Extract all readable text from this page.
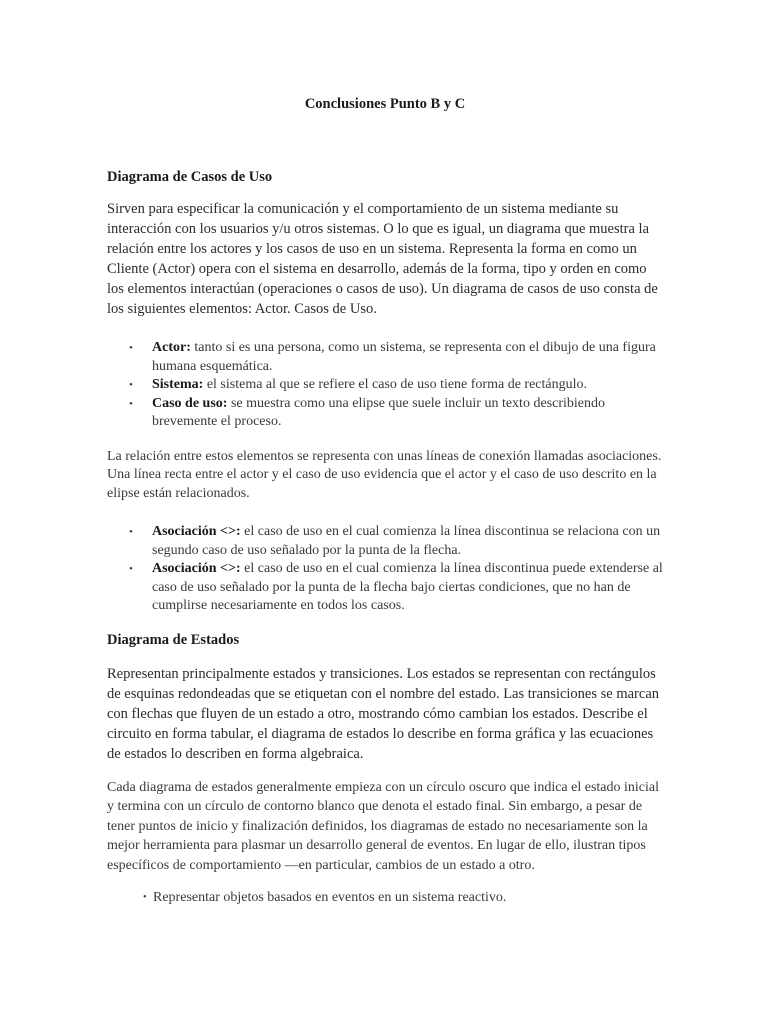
Conclusiones Punto B y C
Diagrama de Casos de Uso

Sirven para especificar la comunicación y el comportamiento de un sistema mediante su interacción con los usuarios y/u otros sistemas. O lo que es igual, un diagrama que muestra la relación entre los actores y los casos de uso en un sistema. Representa la forma en como un Cliente (Actor) opera con el sistema en desarrollo, además de la forma, tipo y orden en como los elementos interactúan (operaciones o casos de uso). Un diagrama de casos de uso consta de los siguientes elementos: Actor. Casos de Uso.

• Actor: tanto si es una persona, como un sistema, se representa con el dibujo de una figura humana esquemática.
• Sistema: el sistema al que se refiere el caso de uso tiene forma de rectángulo.
• Caso de uso: se muestra como una elipse que suele incluir un texto describiendo brevemente el proceso.

La relación entre estos elementos se representa con unas líneas de conexión llamadas asociaciones. Una línea recta entre el actor y el caso de uso evidencia que el actor y el caso de uso descrito en la elipse están relacionados.

• Asociación <>: el caso de uso en el cual comienza la línea discontinua se relaciona con un segundo caso de uso señalado por la punta de la flecha.
• Asociación <>: el caso de uso en el cual comienza la línea discontinua puede extenderse al caso de uso señalado por la punta de la flecha bajo ciertas condiciones, que no han de cumplirse necesariamente en todos los casos.
Diagrama de Estados

Representan principalmente estados y transiciones. Los estados se representan con rectángulos de esquinas redondeadas que se etiquetan con el nombre del estado. Las transiciones se marcan con flechas que fluyen de un estado a otro, mostrando cómo cambian los estados. Describe el circuito en forma tabular, el diagrama de estados lo describe en forma gráfica y las ecuaciones de estados lo describen en forma algebraica.

Cada diagrama de estados generalmente empieza con un círculo oscuro que indica el estado inicial y termina con un círculo de contorno blanco que denota el estado final. Sin embargo, a pesar de tener puntos de inicio y finalización definidos, los diagramas de estado no necesariamente son la mejor herramienta para plasmar un desarrollo general de eventos. En lugar de ello, ilustran tipos específicos de comportamiento —en particular, cambios de un estado a otro.

• Representar objetos basados en eventos en un sistema reactivo.
